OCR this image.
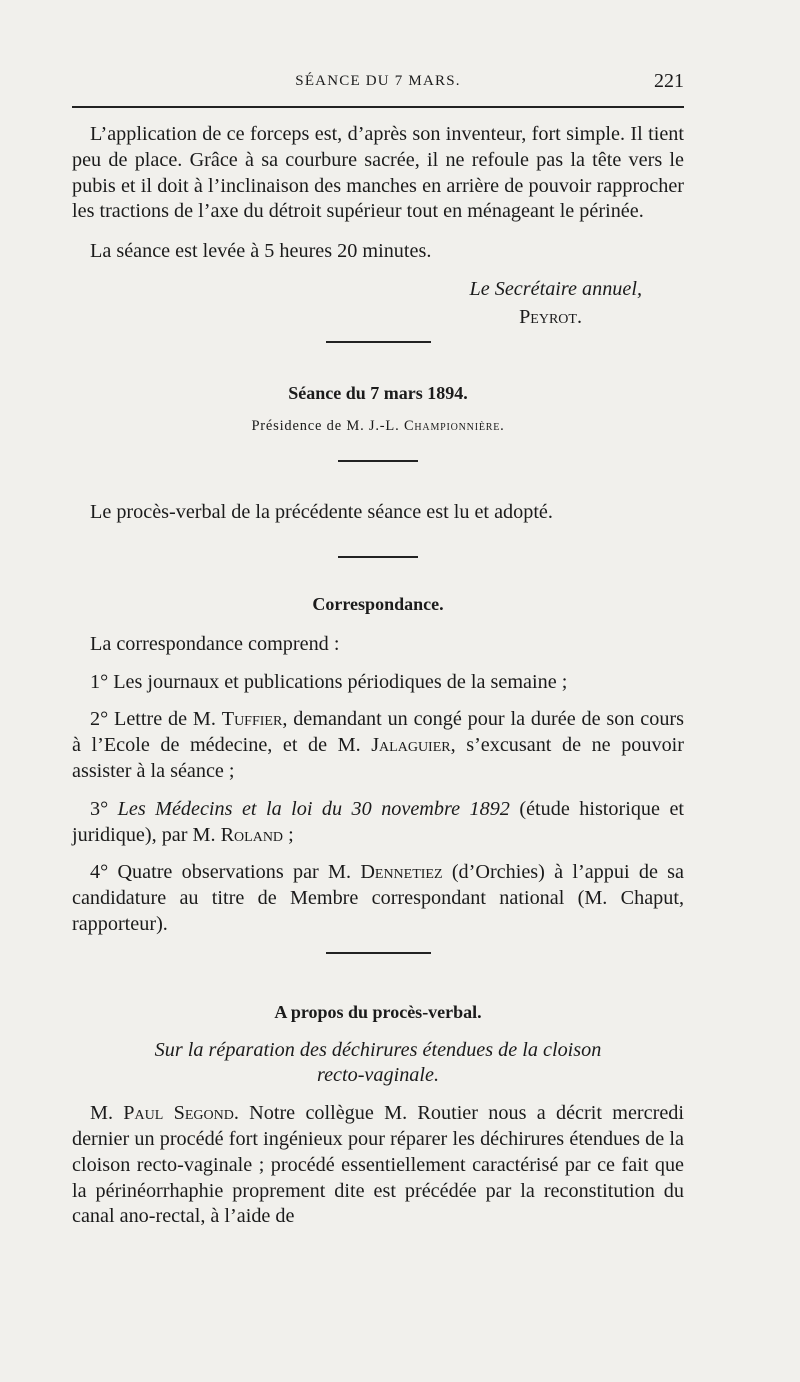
SÉANCE DU 7 MARS.	221

L’application de ce forceps est, d’après son inventeur, fort simple. Il tient peu de place. Grâce à sa courbure sacrée, il ne refoule pas la tête vers le pubis et il doit à l’inclinaison des manches en arrière de pouvoir rapprocher les tractions de l’axe du détroit supérieur tout en ménageant le périnée.

La séance est levée à 5 heures 20 minutes.

Le Secrétaire annuel,
Peyrot.
Séance du 7 mars 1894.
Présidence de M. J.-L. Championnière.

Le procès-verbal de la précédente séance est lu et adopté.

Correspondance.

La correspondance comprend :

1° Les journaux et publications périodiques de la semaine ;

2° Lettre de M. Tuffier, demandant un congé pour la durée de son cours à l’Ecole de médecine, et de M. Jalaguier, s’excusant de ne pouvoir assister à la séance ;

3° Les Médecins et la loi du 30 novembre 1892 (étude historique et juridique), par M. Roland ;

4° Quatre observations par M. Dennetiez (d’Orchies) à l’appui de sa candidature au titre de Membre correspondant national (M. Chaput, rapporteur).

A propos du procès-verbal.
Sur la réparation des déchirures étendues de la cloison
recto-vaginale.

M. Paul Segond. Notre collègue M. Routier nous a décrit mercredi dernier un procédé fort ingénieux pour réparer les déchirures étendues de la cloison recto-vaginale ; procédé essentiellement caractérisé par ce fait que la périnéorrhaphie proprement dite est précédée par la reconstitution du canal ano-rectal, à l’aide de
